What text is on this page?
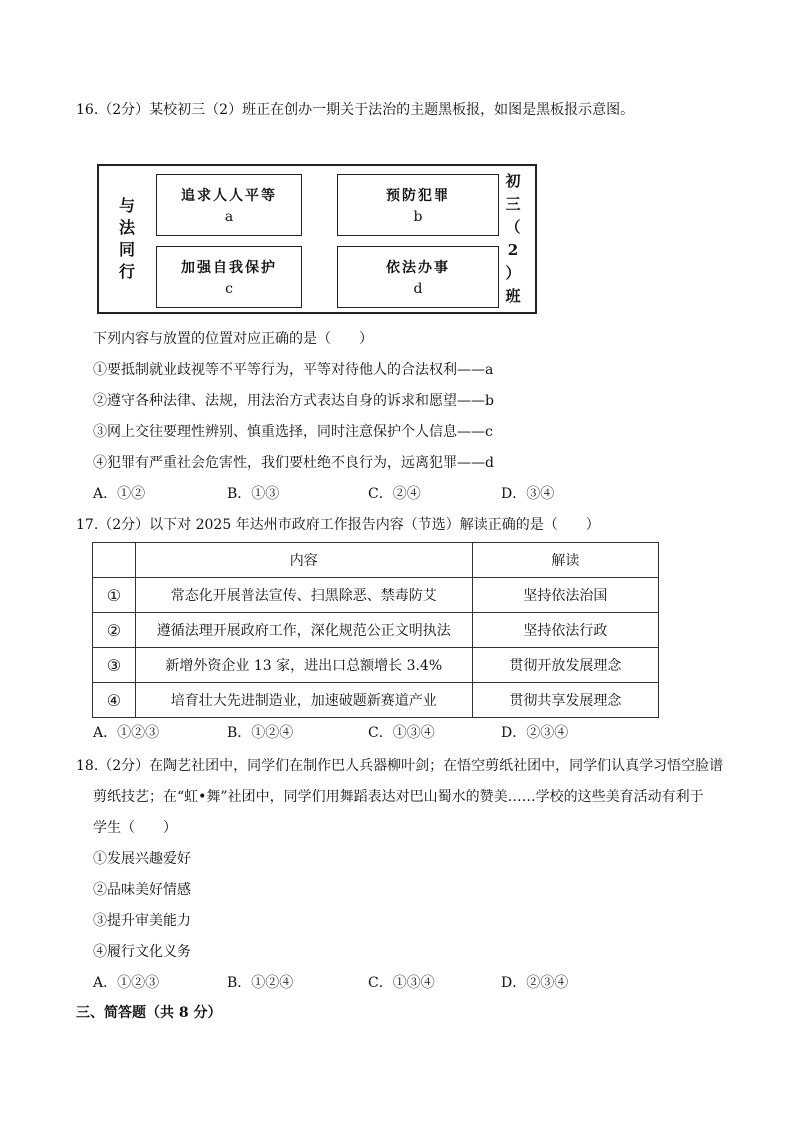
16.（2分）某校初三（2）班正在创办一期关于法治的主题黑板报，如图是黑板报示意图。
与
法
同
行
追求人人平等
a
预防犯罪
b
加强自我保护
c
依法办事
d
初
三
（
2
）
班
下列内容与放置的位置对应正确的是（　　）
①要抵制就业歧视等不平等行为，平等对待他人的合法权利——a
②遵守各种法律、法规，用法治方式表达自身的诉求和愿望——b
③网上交往要理性辨别、慎重选择，同时注意保护个人信息——c
④犯罪有严重社会危害性，我们要杜绝不良行为，远离犯罪——d
A．①②	B．①③	C．②④	D．③④
17.（2分）以下对 2025 年达州市政府工作报告内容（节选）解读正确的是（　　）
	内容	解读
①	常态化开展普法宣传、扫黑除恶、禁毒防艾	坚持依法治国
②	遵循法理开展政府工作，深化规范公正文明执法	坚持依法行政
③	新增外资企业 13 家，进出口总额增长 3.4%	贯彻开放发展理念
④	培育壮大先进制造业，加速破题新赛道产业	贯彻共享发展理念
A．①②③	B．①②④	C．①③④	D．②③④
18.（2分）在陶艺社团中，同学们在制作巴人兵器柳叶剑；在悟空剪纸社团中，同学们认真学习悟空脸谱
剪纸技艺；在“虹•舞”社团中，同学们用舞蹈表达对巴山蜀水的赞美……学校的这些美育活动有利于
学生（　　）
①发展兴趣爱好
②品味美好情感
③提升审美能力
④履行文化义务
A．①②③	B．①②④	C．①③④	D．②③④
三、简答题（共 8 分）
